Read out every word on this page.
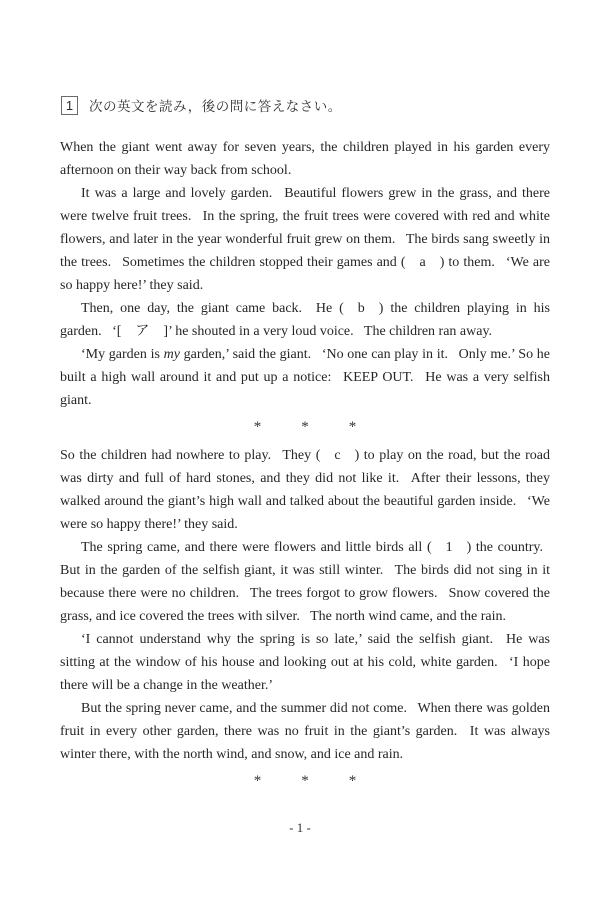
1	次の英文を読み，後の問に答えなさい。

When the giant went away for seven years, the children played in his garden every afternoon on their way back from school.

It was a large and lovely garden.  Beautiful flowers grew in the grass, and there were twelve fruit trees.  In the spring, the fruit trees were covered with red and white flowers, and later in the year wonderful fruit grew on them.  The birds sang sweetly in the trees.  Sometimes the children stopped their games and ( a ) to them.  ‘We are so happy here!’ they said.

Then, one day, the giant came back.  He ( b ) the children playing in his garden.  ‘[ ア ]’ he shouted in a very loud voice.  The children ran away.

‘My garden is my garden,’ said the giant.  ‘No one can play in it.  Only me.’ So he built a high wall around it and put up a notice:  KEEP OUT.  He was a very selfish giant.

*	*	*

So the children had nowhere to play.  They ( c ) to play on the road, but the road was dirty and full of hard stones, and they did not like it.  After their lessons, they walked around the giant’s high wall and talked about the beautiful garden inside.  ‘We were so happy there!’ they said.

The spring came, and there were flowers and little birds all ( 1 ) the country.  But in the garden of the selfish giant, it was still winter.  The birds did not sing in it because there were no children.  The trees forgot to grow flowers.  Snow covered the grass, and ice covered the trees with silver.  The north wind came, and the rain.

‘I cannot understand why the spring is so late,’ said the selfish giant.  He was sitting at the window of his house and looking out at his cold, white garden.  ‘I hope there will be a change in the weather.’

But the spring never came, and the summer did not come.  When there was golden fruit in every other garden, there was no fruit in the giant’s garden.  It was always winter there, with the north wind, and snow, and ice and rain.

*	*	*
- 1 -
